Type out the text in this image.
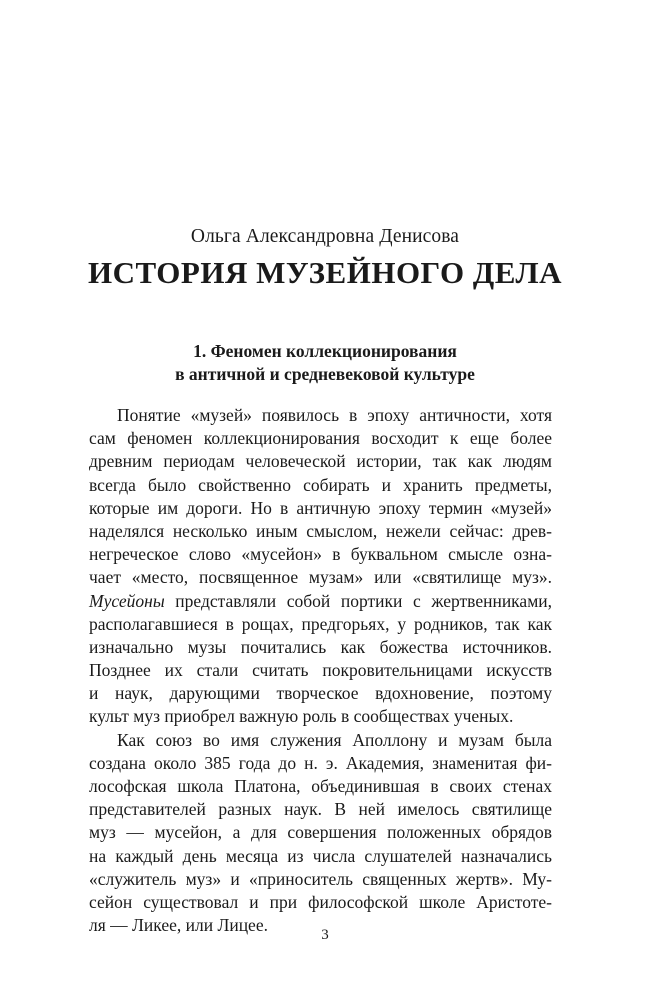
Ольга Александровна Денисова
ИСТОРИЯ МУЗЕЙНОГО ДЕЛА
1. Феномен коллекционирования
в античной и средневековой культуре
Понятие «музей» появилось в эпоху античности, хотя
сам феномен коллекционирования восходит к еще более
древним периодам человеческой истории, так как людям
всегда было свойственно собирать и хранить предметы,
которые им дороги. Но в античную эпоху термин «музей»
наделялся несколько иным смыслом, нежели сейчас: древ-
негреческое слово «мусейон» в буквальном смысле озна-
чает «место, посвященное музам» или «святилище муз».
Мусейоны представляли собой портики с жертвенниками,
располагавшиеся в рощах, предгорьях, у родников, так как
изначально музы почитались как божества источников.
Позднее их стали считать покровительницами искусств
и наук, дарующими творческое вдохновение, поэтому
культ муз приобрел важную роль в сообществах ученых.
Как союз во имя служения Аполлону и музам была
создана около 385 года до н. э. Академия, знаменитая фи-
лософская школа Платона, объединившая в своих стенах
представителей разных наук. В ней имелось святилище
муз — мусейон, а для совершения положенных обрядов
на каждый день месяца из числа слушателей назначались
«служитель муз» и «приноситель священных жертв». Му-
сейон существовал и при философской школе Аристоте-
ля — Ликее, или Лицее.	3
